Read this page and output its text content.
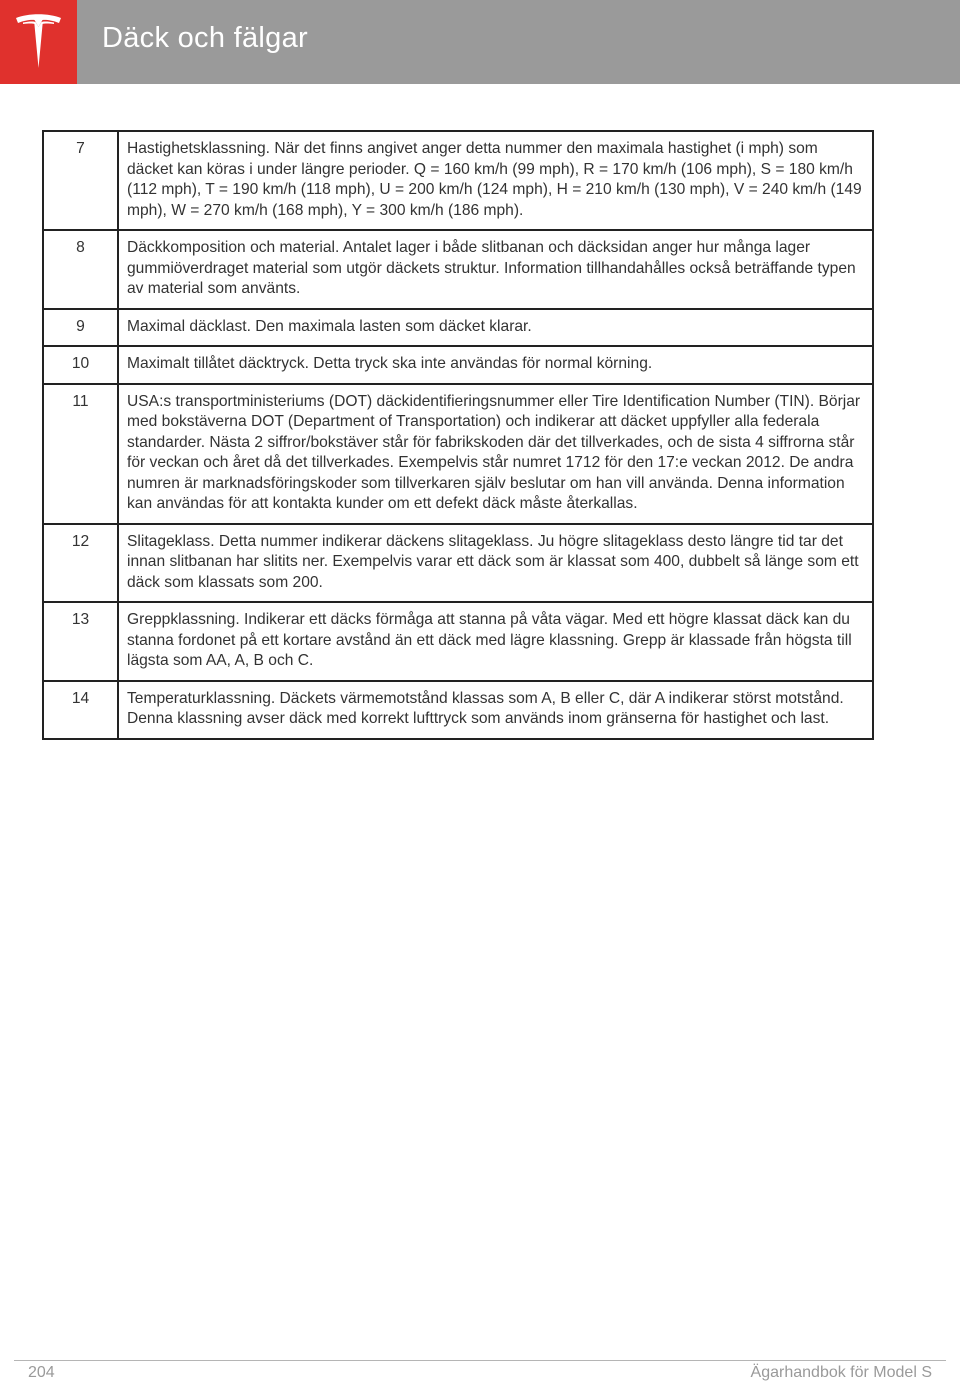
Däck och fälgar
7	Hastighetsklassning. När det finns angivet anger detta nummer den maximala hastighet (i mph) som däcket kan köras i under längre perioder. Q = 160 km/h (99 mph), R = 170 km/h (106 mph), S = 180 km/h (112 mph), T = 190 km/h (118 mph), U = 200 km/h (124 mph), H = 210 km/h (130 mph), V = 240 km/h (149 mph), W = 270 km/h (168 mph), Y = 300 km/h (186 mph).
8	Däckkomposition och material. Antalet lager i både slitbanan och däcksidan anger hur många lager gummiöverdraget material som utgör däckets struktur. Information tillhandahålles också beträffande typen av material som använts.
9	Maximal däcklast. Den maximala lasten som däcket klarar.
10	Maximalt tillåtet däcktryck. Detta tryck ska inte användas för normal körning.
11	USA:s transportministeriums (DOT) däckidentifieringsnummer eller Tire Identification Number (TIN). Börjar med bokstäverna DOT (Department of Transportation) och indikerar att däcket uppfyller alla federala standarder. Nästa 2 siffror/bokstäver står för fabrikskoden där det tillverkades, och de sista 4 siffrorna står för veckan och året då det tillverkades. Exempelvis står numret 1712 för den 17:e veckan 2012. De andra numren är marknadsföringskoder som tillverkaren själv beslutar om han vill använda. Denna information kan användas för att kontakta kunder om ett defekt däck måste återkallas.
12	Slitageklass. Detta nummer indikerar däckens slitageklass. Ju högre slitageklass desto längre tid tar det innan slitbanan har slitits ner. Exempelvis varar ett däck som är klassat som 400, dubbelt så länge som ett däck som klassats som 200.
13	Greppklassning. Indikerar ett däcks förmåga att stanna på våta vägar. Med ett högre klassat däck kan du stanna fordonet på ett kortare avstånd än ett däck med lägre klassning. Grepp är klassade från högsta till lägsta som AA, A, B och C.
14	Temperaturklassning. Däckets värmemotstånd klassas som A, B eller C, där A indikerar störst motstånd. Denna klassning avser däck med korrekt lufttryck som används inom gränserna för hastighet och last.
204	Ägarhandbok för Model S
